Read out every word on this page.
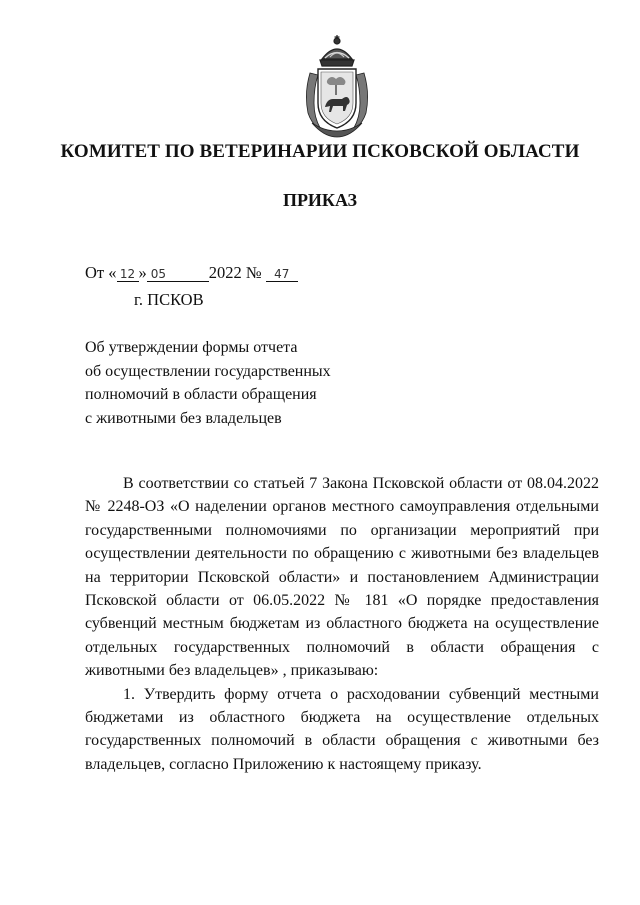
КОМИТЕТ ПО ВЕТЕРИНАРИИ ПСКОВСКОЙ ОБЛАСТИ
ПРИКАЗ
От « 12 » 05	2022 № 47
г. ПСКОВ
Об утверждении формы отчета
об осуществлении государственных
полномочий в области обращения
с животными без владельцев

В соответствии со статьей 7 Закона Псковской области от 08.04.2022 № 2248-ОЗ «О наделении органов местного самоуправления отдельными государственными полномочиями по организации мероприятий при осуществлении деятельности по обращению с животными без владельцев на территории Псковской области» и постановлением Администрации Псковской области от 06.05.2022 № 181 «О порядке предоставления субвенций местным бюджетам из областного бюджета на осуществление отдельных государственных полномочий в области обращения с животными без владельцев» , приказываю:

1. Утвердить форму отчета о расходовании субвенций местными бюджетами из областного бюджета на осуществление отдельных государственных полномочий в области обращения с животными без владельцев, согласно Приложению к настоящему приказу.
